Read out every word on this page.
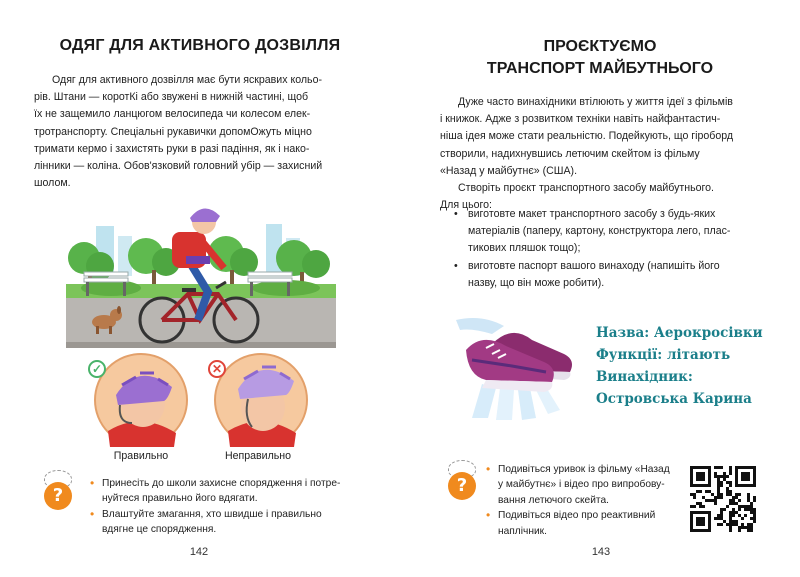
ОДЯГ ДЛЯ АКТИВНОГО ДОЗВІЛЛЯ
Одяг для активного дозвілля має бути яскравих кольо-
рів. Штани — коротКі або звужені в нижній частині, щоб
їх не защемило ланцюгом велосипеда чи колесом елек-
тротранспорту. Спеціальні рукавички допомОжуть міцно
тримати кермо і захистять руки в разі падіння, як і нако-
лінники — коліна. Обов'язковий головний убір — захисний
шолом.
✓	✕
Правильно	Неправильно
?
• Принесіть до школи захисне спорядження і потре-
нуйтеся правильно його вдягати.
• Влаштуйте змагання, хто швидше і правильно
вдягне це спорядження.
142
ПРОЄКТУЄМО
ТРАНСПОРТ МАЙБУТНЬОГО
Дуже часто винахідники втілюють у життя ідеї з фільмів
і книжок. Адже з розвитком техніки навіть найфантастич-
ніша ідея може стати реальністю. Подейкують, що гіроборд
створили, надихнувшись летючим скейтом із фільму
«Назад у майбутнє» (США).
Створіть проєкт транспортного засобу майбутнього.
Для цього:
• виготовте макет транспортного засобу з будь-яких
матеріалів (паперу, картону, конструктора лего, плас-
тикових пляшок тощо);
• виготовте паспорт вашого винаходу (напишіть його
назву, що він може робити).
Назва: Аерокросівки
Функції: літають
Винахідник:
Островська Карина
?
• Подивіться уривок із фільму «Назад
у майбутнє» і відео про випробову-
вання летючого скейта.
• Подивіться відео про реактивний
наплічник.
143
